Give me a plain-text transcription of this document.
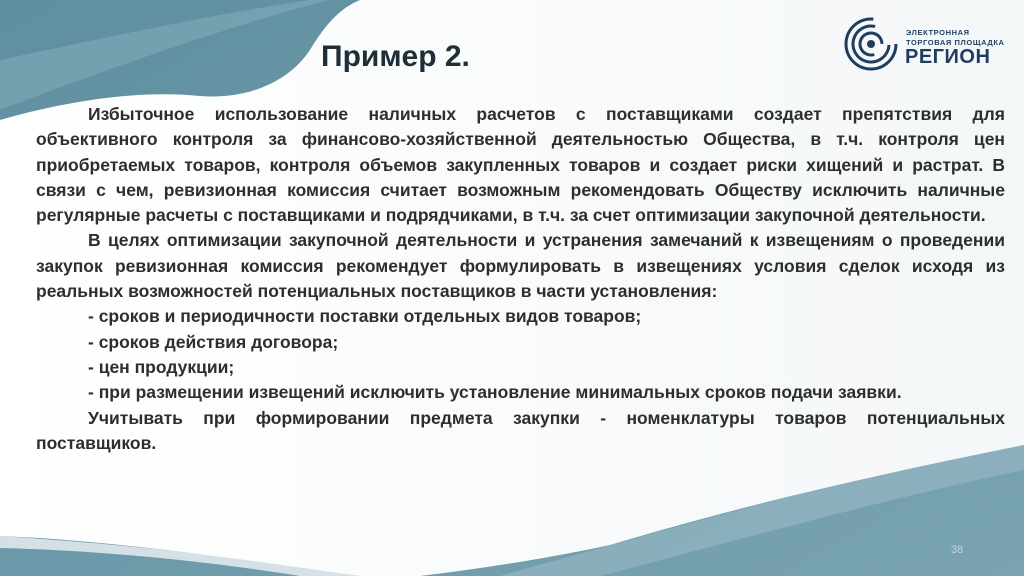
Пример 2.
ЭЛЕКТРОННАЯ
ТОРГОВАЯ ПЛОЩАДКА
РЕГИОН

Избыточное использование наличных расчетов с поставщиками создает препятствия для объективного контроля за финансово-хозяйственной деятельностью Общества, в т.ч. контроля цен приобретаемых товаров, контроля объемов закупленных товаров и создает риски хищений и растрат. В связи с чем, ревизионная комиссия считает возможным рекомендовать Обществу исключить наличные регулярные расчеты с поставщиками и подрядчиками, в т.ч. за счет оптимизации закупочной деятельности.

В целях оптимизации закупочной деятельности и устранения замечаний к извещениям о проведении закупок ревизионная комиссия рекомендует формулировать в извещениях условия сделок исходя из реальных возможностей потенциальных поставщиков в части установления:

- сроков и периодичности поставки отдельных видов товаров;

- сроков действия договора;

- цен продукции;

- при размещении извещений исключить установление минимальных сроков подачи заявки.

Учитывать при формировании предмета закупки - номенклатуры товаров потенциальных поставщиков.

38
